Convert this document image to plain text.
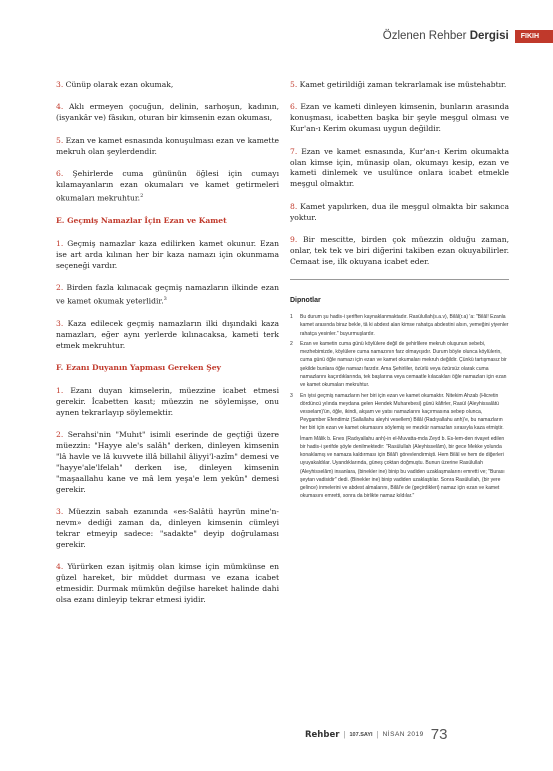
Özlenen Rehber Dergisi	FIKIH

3. Cünüp olarak ezan okumak,

4. Aklı ermeyen çocuğun, delinin, sarhoşun, kadının, (isyankâr ve) fâsıkın, oturan bir kimsenin ezan okuması,

5. Ezan ve kamet esnasında konuşulması ezan ve kamette mekruh olan şeylerdendir.

6. Şehirlerde cuma gününün öğlesi için cumayı kılamayanların ezan okumaları ve kamet getirmeleri okumaları mekruhtur.$^2$

E. Geçmiş Namazlar İçin Ezan ve Kamet

1. Geçmiş namazlar kaza edilirken kamet okunur. Ezan ise art arda kılınan her bir kaza namazı için okunmama seçeneği vardır.

2. Birden fazla kılınacak geçmiş namazların ilkinde ezan ve kamet okumak yeterlidir.$^3$

3. Kaza edilecek geçmiş namazların ilki dışındaki kaza namazları, eğer aynı yerlerde kılınacaksa, kameti terk etmek mekruhtur.

F. Ezanı Duyanın Yapması Gereken Şey

1. Ezanı duyan kimselerin, müezzine icabet etmesi gerekir. İcabetten kasıt; müezzin ne söylemişse, onu aynen tekrarlayıp söylemektir.

2. Serahsi'nin "Muhıt" isimli eserinde de geçtiği üzere müezzin: "Hayye ale's salâh" derken, dinleyen kimsenin "lâ havle ve lâ kuvvete illâ billahil âliyyi'l-azîm" demesi ve "hayye'ale'lfelah" derken ise, dinleyen kimsenin "maşaallahu kane ve mâ lem yeşa'e lem yekûn" demesi gerekir.

3. Müezzin sabah ezanında «es-Salâtü hayrün mine'n-nevm» dediği zaman da, dinleyen kimsenin cümleyi tekrar etmeyip sadece: "sadakte" deyip doğrulaması gerekir.

4. Yürürken ezan işitmiş olan kimse için mümkünse en güzel hareket, bir müddet durması ve ezana icabet etmesidir. Durmak mümkün değilse hareket halinde dahi olsa ezanı dinleyip tekrar etmesi iyidir.

5. Kamet getirildiği zaman tekrarlamak ise müstehabtır.

6. Ezan ve kameti dinleyen kimsenin, bunların arasında konuşması, icabetten başka bir şeyle meşgul olması ve Kur'an-ı Kerim okuması uygun değildir.

7. Ezan ve kamet esnasında, Kur'an-ı Kerim okumakta olan kimse için, münasip olan, okumayı kesip, ezan ve kameti dinlemek ve usulünce onlara icabet etmekle meşgul olmaktır.

8. Kamet yapılırken, dua ile meşgul olmakta bir sakınca yoktur.

9. Bir mescitte, birden çok müezzin olduğu zaman, onlar, tek tek ve biri diğerini takiben ezan okuyabilirler. Cemaat ise, ilk okuyana icabet eder.

Dipnotlar
1	Bu durum şu hadis-i şeriften kaynaklanmaktadır. Rasülullah(s.a.v), Bilâl(r.a) 'a: "Bilâl! Ezanla kamet arasında biraz bekle, tâ ki abdest alan kimse rahatça abdestini alsın, yemeğini yiyenler rahatça yesinler." buyurmuşlardır.
2	Ezan ve kametin cuma günü köylülere değil de şehirlilere mekruh oluşunun sebebi, mezhebimizde, köylülere cuma namazının farz olmayışıdır. Durum böyle olunca köylülerin, cuma günü öğle namazı için ezan ve kamet okumaları mekruh değildir. Çünkü tartışmasız bir şekilde bunlara öğle namazı farzdır. Ama Şehirliler, özürlü veya özürsüz olarak cuma namazlarını kaçırdıklarında, tek başlarına veya cemaatle kılacakları öğle namazları için ezan ve kamet okumaları mekruhtur.
3	En iyisi geçmiş namazların her biri için ezan ve kamet okumaktır. Nitekim Ahzab (Hicretin dördüncü yılında meydana gelen Hendek Muharebesi) günü kâfirler, Rasül (Aleyhissalâtü vesselam)'ün, öğle, ikindi, akşam ve yatsı namazlarını kaçırmasına sebep olunca, Peygamber Efendimiz (Sallallahu aleyhi vesellem) Bilâl (Radıyallahu anh)'e, bu namazların her biri için ezan ve kamet okumasını söylemiş ve mezkûr namazları sırasıyla kaza etmiştir.
İmam Mâlik b. Enes (Radıyallahu anh)-in el-Muvatta-mda Zeyd b. Es-lem-den rivayet edilen bir hadis-i şerifde şöyle denilmektedir: "Rasülullah (Aleyhisselâm), bir gece Mekke yolunda konaklamış ve namaza kaldırması için Bilâl'i görevlendirmişti. Hem Bilâl ve hem de diğerleri uyuyakaldılar. Uyandıklarında, güneş çoktan doğmuştu. Bunun üzerine Rasülullah (Aleyhisselâm) insanlara, (binekler ine) binip bu vadiden uzaklaşmalarını emretti ve; "Burası şeytan vadisidir" dedi. (Binekler ine) binip vadiden uzaklaştılar. Sonra Rasülullah, (bir yere gelince) inmelerini ve abdest almalarını, Bilâl'e de (geçirdikleri) namaz için ezan ve kamet okumasını emretti, sonra da birlikte namaz kıldılar."
Rehber | 107.SAYI | NİSAN 2019 73
